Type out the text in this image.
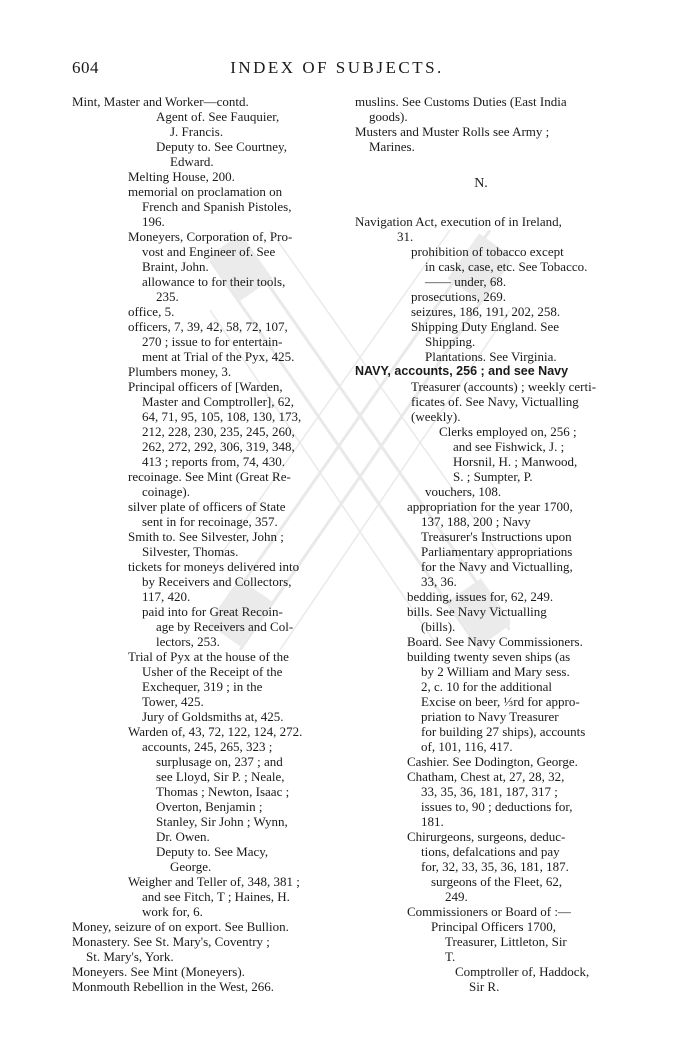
604	INDEX OF SUBJECTS.
Mint, Master and Worker—contd.
Agent of. See Fauquier,
J. Francis.
Deputy to. See Courtney,
Edward.
Melting House, 200.
memorial on proclamation on
French and Spanish Pistoles,
196.
Moneyers, Corporation of, Pro-
vost and Engineer of. See
Braint, John.
allowance to for their tools,
235.
office, 5.
officers, 7, 39, 42, 58, 72, 107,
270 ; issue to for entertain-
ment at Trial of the Pyx, 425.
Plumbers money, 3.
Principal officers of [Warden,
Master and Comptroller], 62,
64, 71, 95, 105, 108, 130, 173,
212, 228, 230, 235, 245, 260,
262, 272, 292, 306, 319, 348,
413 ; reports from, 74, 430.
recoinage. See Mint (Great Re-
coinage).
silver plate of officers of State
sent in for recoinage, 357.
Smith to. See Silvester, John ;
Silvester, Thomas.
tickets for moneys delivered into
by Receivers and Collectors,
117, 420.
paid into for Great Recoin-
age by Receivers and Col-
lectors, 253.
Trial of Pyx at the house of the
Usher of the Receipt of the
Exchequer, 319 ; in the
Tower, 425.
Jury of Goldsmiths at, 425.
Warden of, 43, 72, 122, 124, 272.
accounts, 245, 265, 323 ;
surplusage on, 237 ; and
see Lloyd, Sir P. ; Neale,
Thomas ; Newton, Isaac ;
Overton, Benjamin ;
Stanley, Sir John ; Wynn,
Dr. Owen.
Deputy to. See Macy,
George.
Weigher and Teller of, 348, 381 ;
and see Fitch, T ; Haines, H.
work for, 6.
Money, seizure of on export. See Bullion.
Monastery. See St. Mary's, Coventry ;
St. Mary's, York.
Moneyers. See Mint (Moneyers).
Monmouth Rebellion in the West, 266.
muslins. See Customs Duties (East India
goods).
Musters and Muster Rolls see Army ;
Marines.
N.
Navigation Act, execution of in Ireland,
31.
prohibition of tobacco except
in cask, case, etc. See Tobacco.
—— under, 68.
prosecutions, 269.
seizures, 186, 191, 202, 258.
Shipping Duty England. See
Shipping.
Plantations. See Virginia.
NAVY, accounts, 256 ; and see Navy
Treasurer (accounts) ; weekly certi-
ficates of. See Navy, Victualling
(weekly).
Clerks employed on, 256 ;
and see Fishwick, J. ;
Horsnil, H. ; Manwood,
S. ; Sumpter, P.
vouchers, 108.
appropriation for the year 1700,
137, 188, 200 ; Navy
Treasurer's Instructions upon
Parliamentary appropriations
for the Navy and Victualling,
33, 36.
bedding, issues for, 62, 249.
bills. See Navy Victualling
(bills).
Board. See Navy Commissioners.
building twenty seven ships (as
by 2 William and Mary sess.
2, c. 10 for the additional
Excise on beer, ⅓rd for appro-
priation to Navy Treasurer
for building 27 ships), accounts
of, 101, 116, 417.
Cashier. See Dodington, George.
Chatham, Chest at, 27, 28, 32,
33, 35, 36, 181, 187, 317 ;
issues to, 90 ; deductions for,
181.
Chirurgeons, surgeons, deduc-
tions, defalcations and pay
for, 32, 33, 35, 36, 181, 187.
surgeons of the Fleet, 62,
249.
Commissioners or Board of :—
Principal Officers 1700,
Treasurer, Littleton, Sir
T.
Comptroller of, Haddock,
Sir R.
